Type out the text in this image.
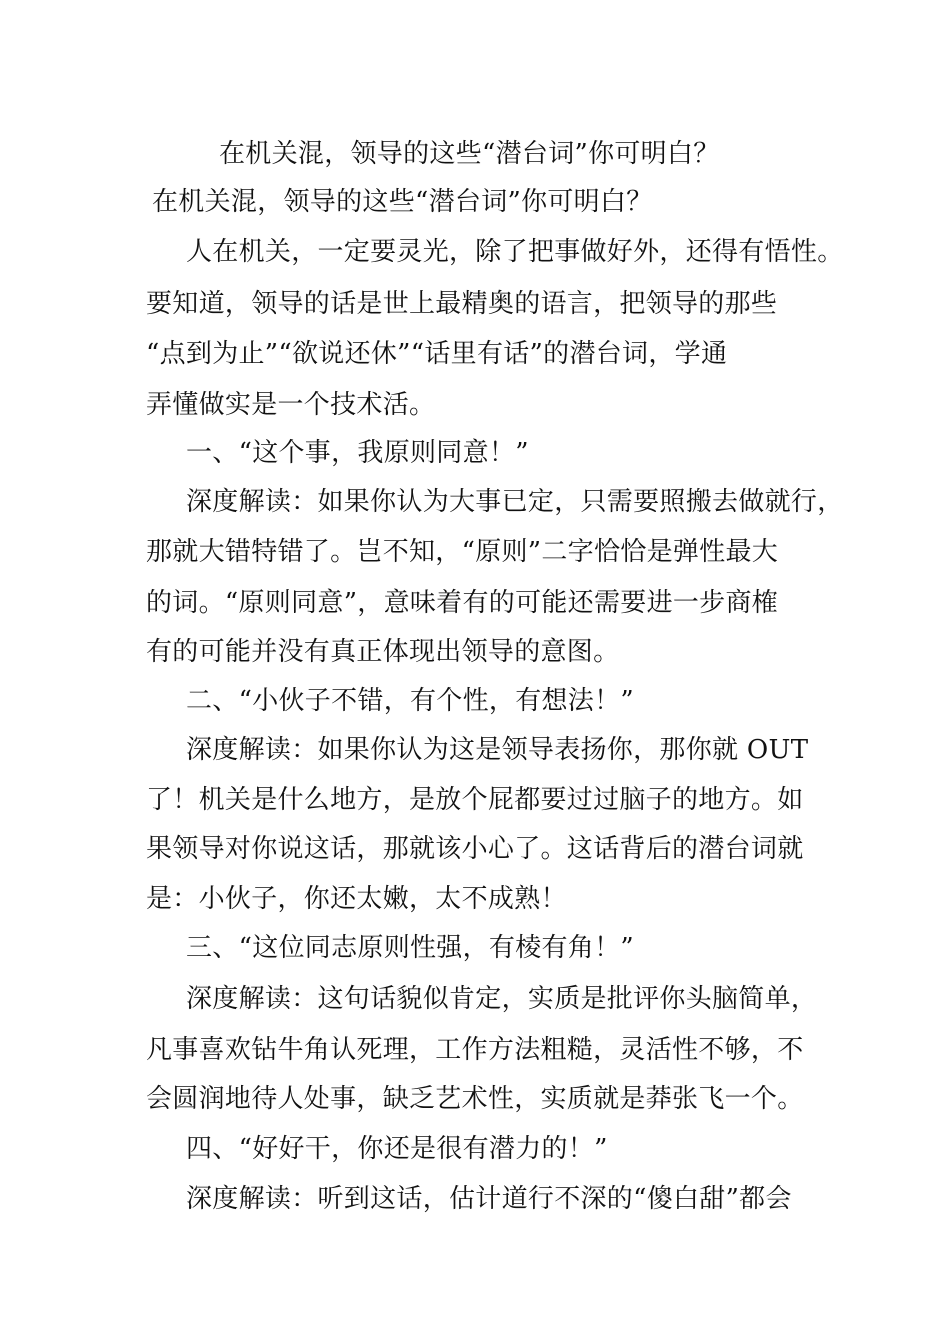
在机关混，领导的这些“潜台词”你可明白？
在机关混，领导的这些“潜台词”你可明白？
人在机关，一定要灵光，除了把事做好外，还得有悟性。
要知道，领导的话是世上最精奥的语言，把领导的那些
“点到为止”“欲说还休”“话里有话”的潜台词，学通
弄懂做实是一个技术活。
一、“这个事，我原则同意！”
深度解读：如果你认为大事已定，只需要照搬去做就行，
那就大错特错了。岂不知，“原则”二字恰恰是弹性最大
的词。“原则同意”，意味着有的可能还需要进一步商榷
有的可能并没有真正体现出领导的意图。
二、“小伙子不错，有个性，有想法！”
深度解读：如果你认为这是领导表扬你，那你就 OUT
了！机关是什么地方，是放个屁都要过过脑子的地方。如
果领导对你说这话，那就该小心了。这话背后的潜台词就
是：小伙子，你还太嫩，太不成熟！
三、“这位同志原则性强，有棱有角！”
深度解读：这句话貌似肯定，实质是批评你头脑简单，
凡事喜欢钻牛角认死理，工作方法粗糙，灵活性不够，不
会圆润地待人处事，缺乏艺术性，实质就是莽张飞一个。
四、“好好干，你还是很有潜力的！”
深度解读：听到这话，估计道行不深的“傻白甜”都会
